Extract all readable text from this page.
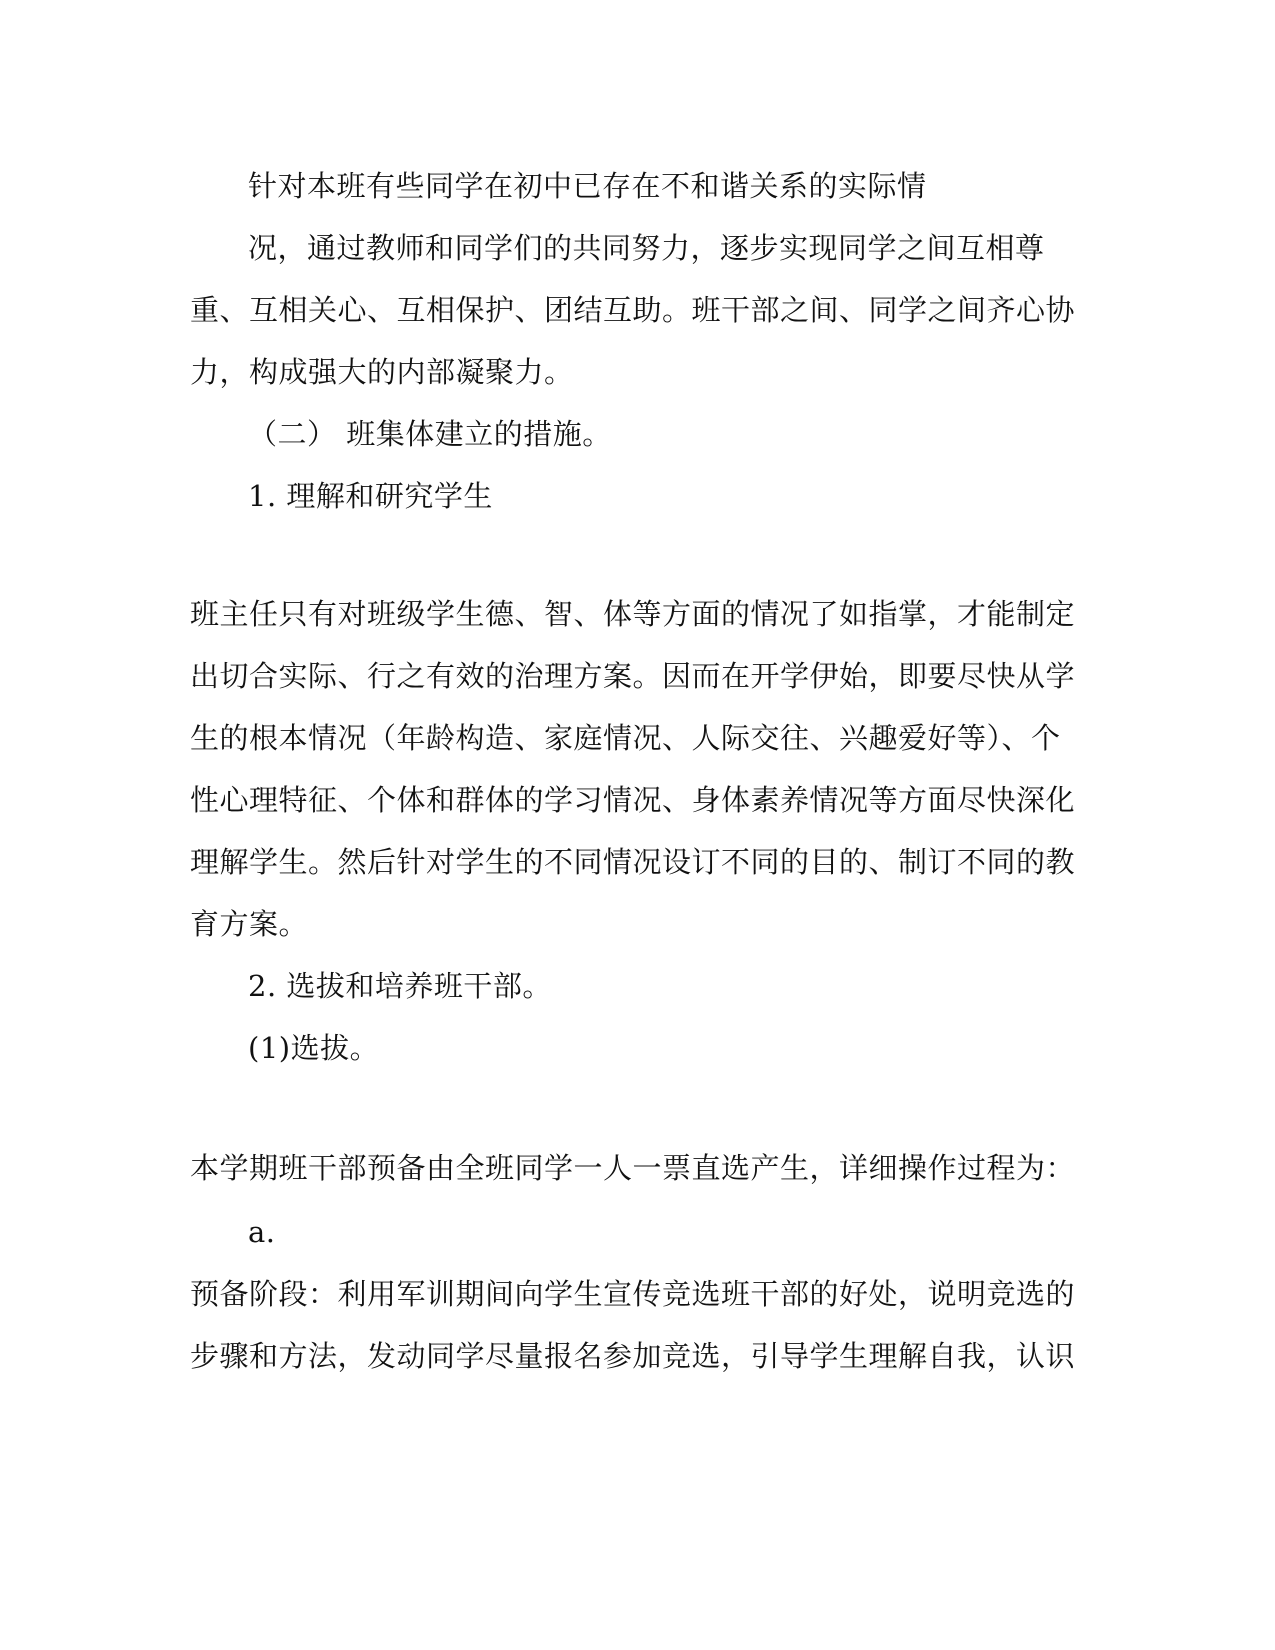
针对本班有些同学在初中已存在不和谐关系的实际情
况，通过教师和同学们的共同努力，逐步实现同学之间互相尊
重、互相关心、互相保护、团结互助。班干部之间、同学之间齐心协
力，构成强大的内部凝聚力。
（二） 班集体建立的措施。
1. 理解和研究学生
班主任只有对班级学生德、智、体等方面的情况了如指掌，才能制定
出切合实际、行之有效的治理方案。因而在开学伊始，即要尽快从学
生的根本情况（年龄构造、家庭情况、人际交往、兴趣爱好等）、个
性心理特征、个体和群体的学习情况、身体素养情况等方面尽快深化
理解学生。然后针对学生的不同情况设订不同的目的、制订不同的教
育方案。
2. 选拔和培养班干部。
(1)选拔。
本学期班干部预备由全班同学一人一票直选产生，详细操作过程为：
a.
预备阶段：利用军训期间向学生宣传竞选班干部的好处，说明竞选的
步骤和方法，发动同学尽量报名参加竞选，引导学生理解自我，认识
